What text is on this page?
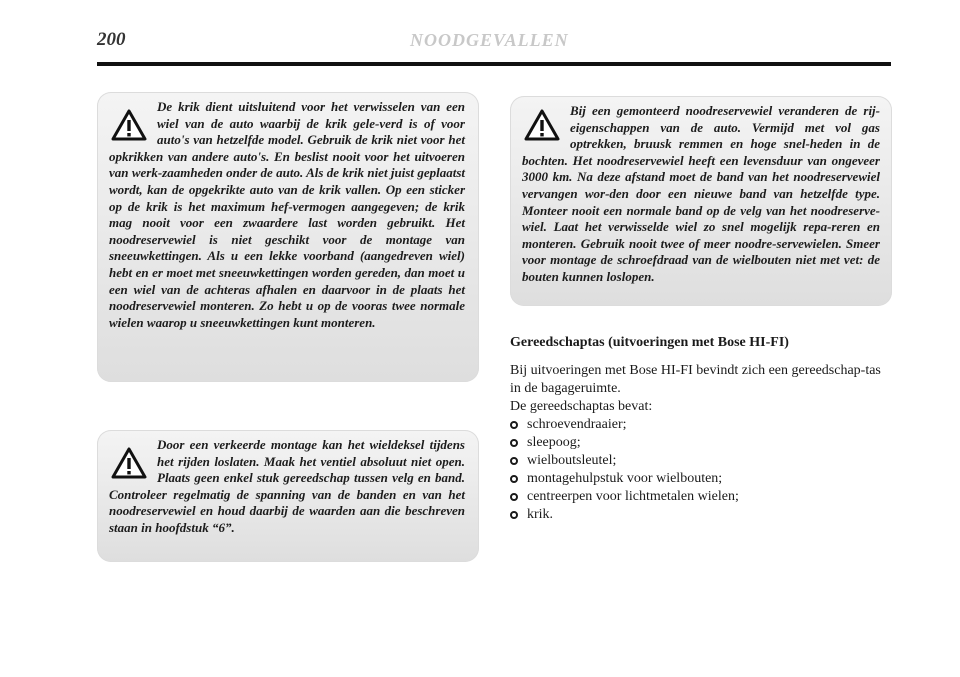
200	NOODGEVALLEN

De krik dient uitsluitend voor het verwisselen van een wiel van de auto waarbij de krik gele-verd is of voor auto's van hetzelfde model. Gebruik de krik niet voor het opkrikken van andere auto's. En beslist nooit voor het uitvoeren van werk-zaamheden onder de auto. Als de krik niet juist geplaatst wordt, kan de opgekrikte auto van de krik vallen. Op een sticker op de krik is het maximum hef-vermogen aangegeven; de krik mag nooit voor een zwaardere last worden gebruikt. Het noodreservewiel is niet geschikt voor de montage van sneeuwkettingen. Als u een lekke voorband (aangedreven wiel) hebt en er moet met sneeuwkettingen worden gereden, dan moet u een wiel van de achteras afhalen en daarvoor in de plaats het noodreservewiel monteren. Zo hebt u op de vooras twee normale wielen waarop u sneeuwkettingen kunt monteren.

Door een verkeerde montage kan het wieldeksel tijdens het rijden loslaten. Maak het ventiel absoluut niet open. Plaats geen enkel stuk gereedschap tussen velg en band. Controleer regelmatig de spanning van de banden en van het noodreservewiel en houd daarbij de waarden aan die beschreven staan in hoofdstuk “6”.

Bij een gemonteerd noodreservewiel veranderen de rij-eigenschappen van de auto. Vermijd met vol gas optrekken, bruusk remmen en hoge snel-heden in de bochten. Het noodreservewiel heeft een levensduur van ongeveer 3000 km. Na deze afstand moet de band van het noodreservewiel vervangen wor-den door een nieuwe band van hetzelfde type. Monteer nooit een normale band op de velg van het noodreserve-wiel. Laat het verwisselde wiel zo snel mogelijk repa-reren en monteren. Gebruik nooit twee of meer noodre-servewielen. Smeer voor montage de schroefdraad van de wielbouten niet met vet: de bouten kunnen loslopen.

Gereedschaptas (uitvoeringen met Bose HI-FI)

Bij uitvoeringen met Bose HI-FI bevindt zich een gereedschap-tas in de bagageruimte.

De gereedschaptas bevat:

schroevendraaier;
sleepoog;
wielboutsleutel;
montagehulpstuk voor wielbouten;
centreerpen voor lichtmetalen wielen;
krik.
